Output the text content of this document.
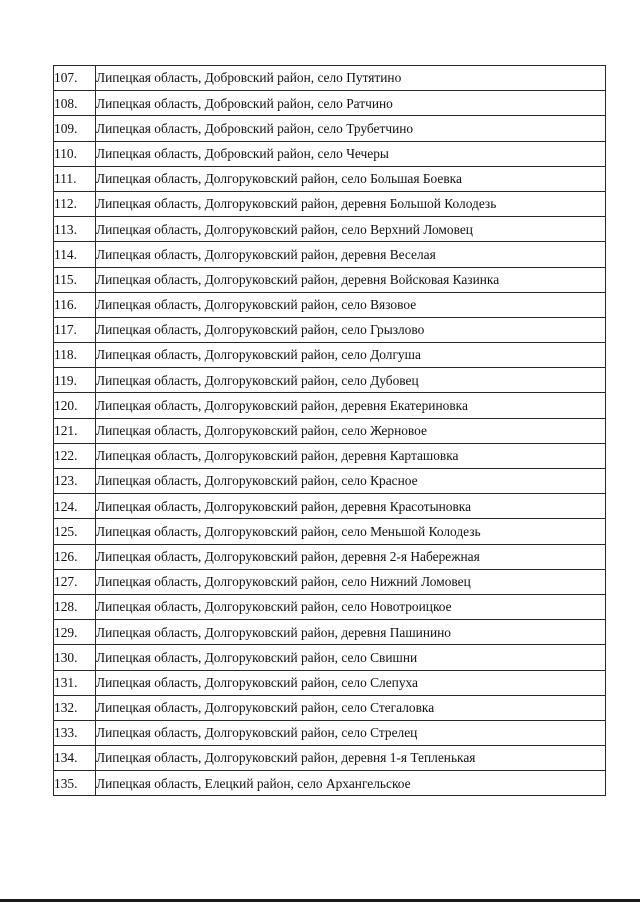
107.	Липецкая область, Добровский район, село Путятино
108.	Липецкая область, Добровский район, село Ратчино
109.	Липецкая область, Добровский район, село Трубетчино
110.	Липецкая область, Добровский район, село Чечеры
111.	Липецкая область, Долгоруковский район, село Большая Боевка
112.	Липецкая область, Долгоруковский район, деревня Большой Колодезь
113.	Липецкая область, Долгоруковский район, село Верхний Ломовец
114.	Липецкая область, Долгоруковский район, деревня Веселая
115.	Липецкая область, Долгоруковский район, деревня Войсковая Казинка
116.	Липецкая область, Долгоруковский район, село Вязовое
117.	Липецкая область, Долгоруковский район, село Грызлово
118.	Липецкая область, Долгоруковский район, село Долгуша
119.	Липецкая область, Долгоруковский район, село Дубовец
120.	Липецкая область, Долгоруковский район, деревня Екатериновка
121.	Липецкая область, Долгоруковский район, село Жерновое
122.	Липецкая область, Долгоруковский район, деревня Карташовка
123.	Липецкая область, Долгоруковский район, село Красное
124.	Липецкая область, Долгоруковский район, деревня Красотыновка
125.	Липецкая область, Долгоруковский район, село Меньшой Колодезь
126.	Липецкая область, Долгоруковский район, деревня 2-я Набережная
127.	Липецкая область, Долгоруковский район, село Нижний Ломовец
128.	Липецкая область, Долгоруковский район, село Новотроицкое
129.	Липецкая область, Долгоруковский район, деревня Пашинино
130.	Липецкая область, Долгоруковский район, село Свишни
131.	Липецкая область, Долгоруковский район, село Слепуха
132.	Липецкая область, Долгоруковский район, село Стегаловка
133.	Липецкая область, Долгоруковский район, село Стрелец
134.	Липецкая область, Долгоруковский район, деревня 1-я Тепленькая
135.	Липецкая область, Елецкий район, село Архангельское
